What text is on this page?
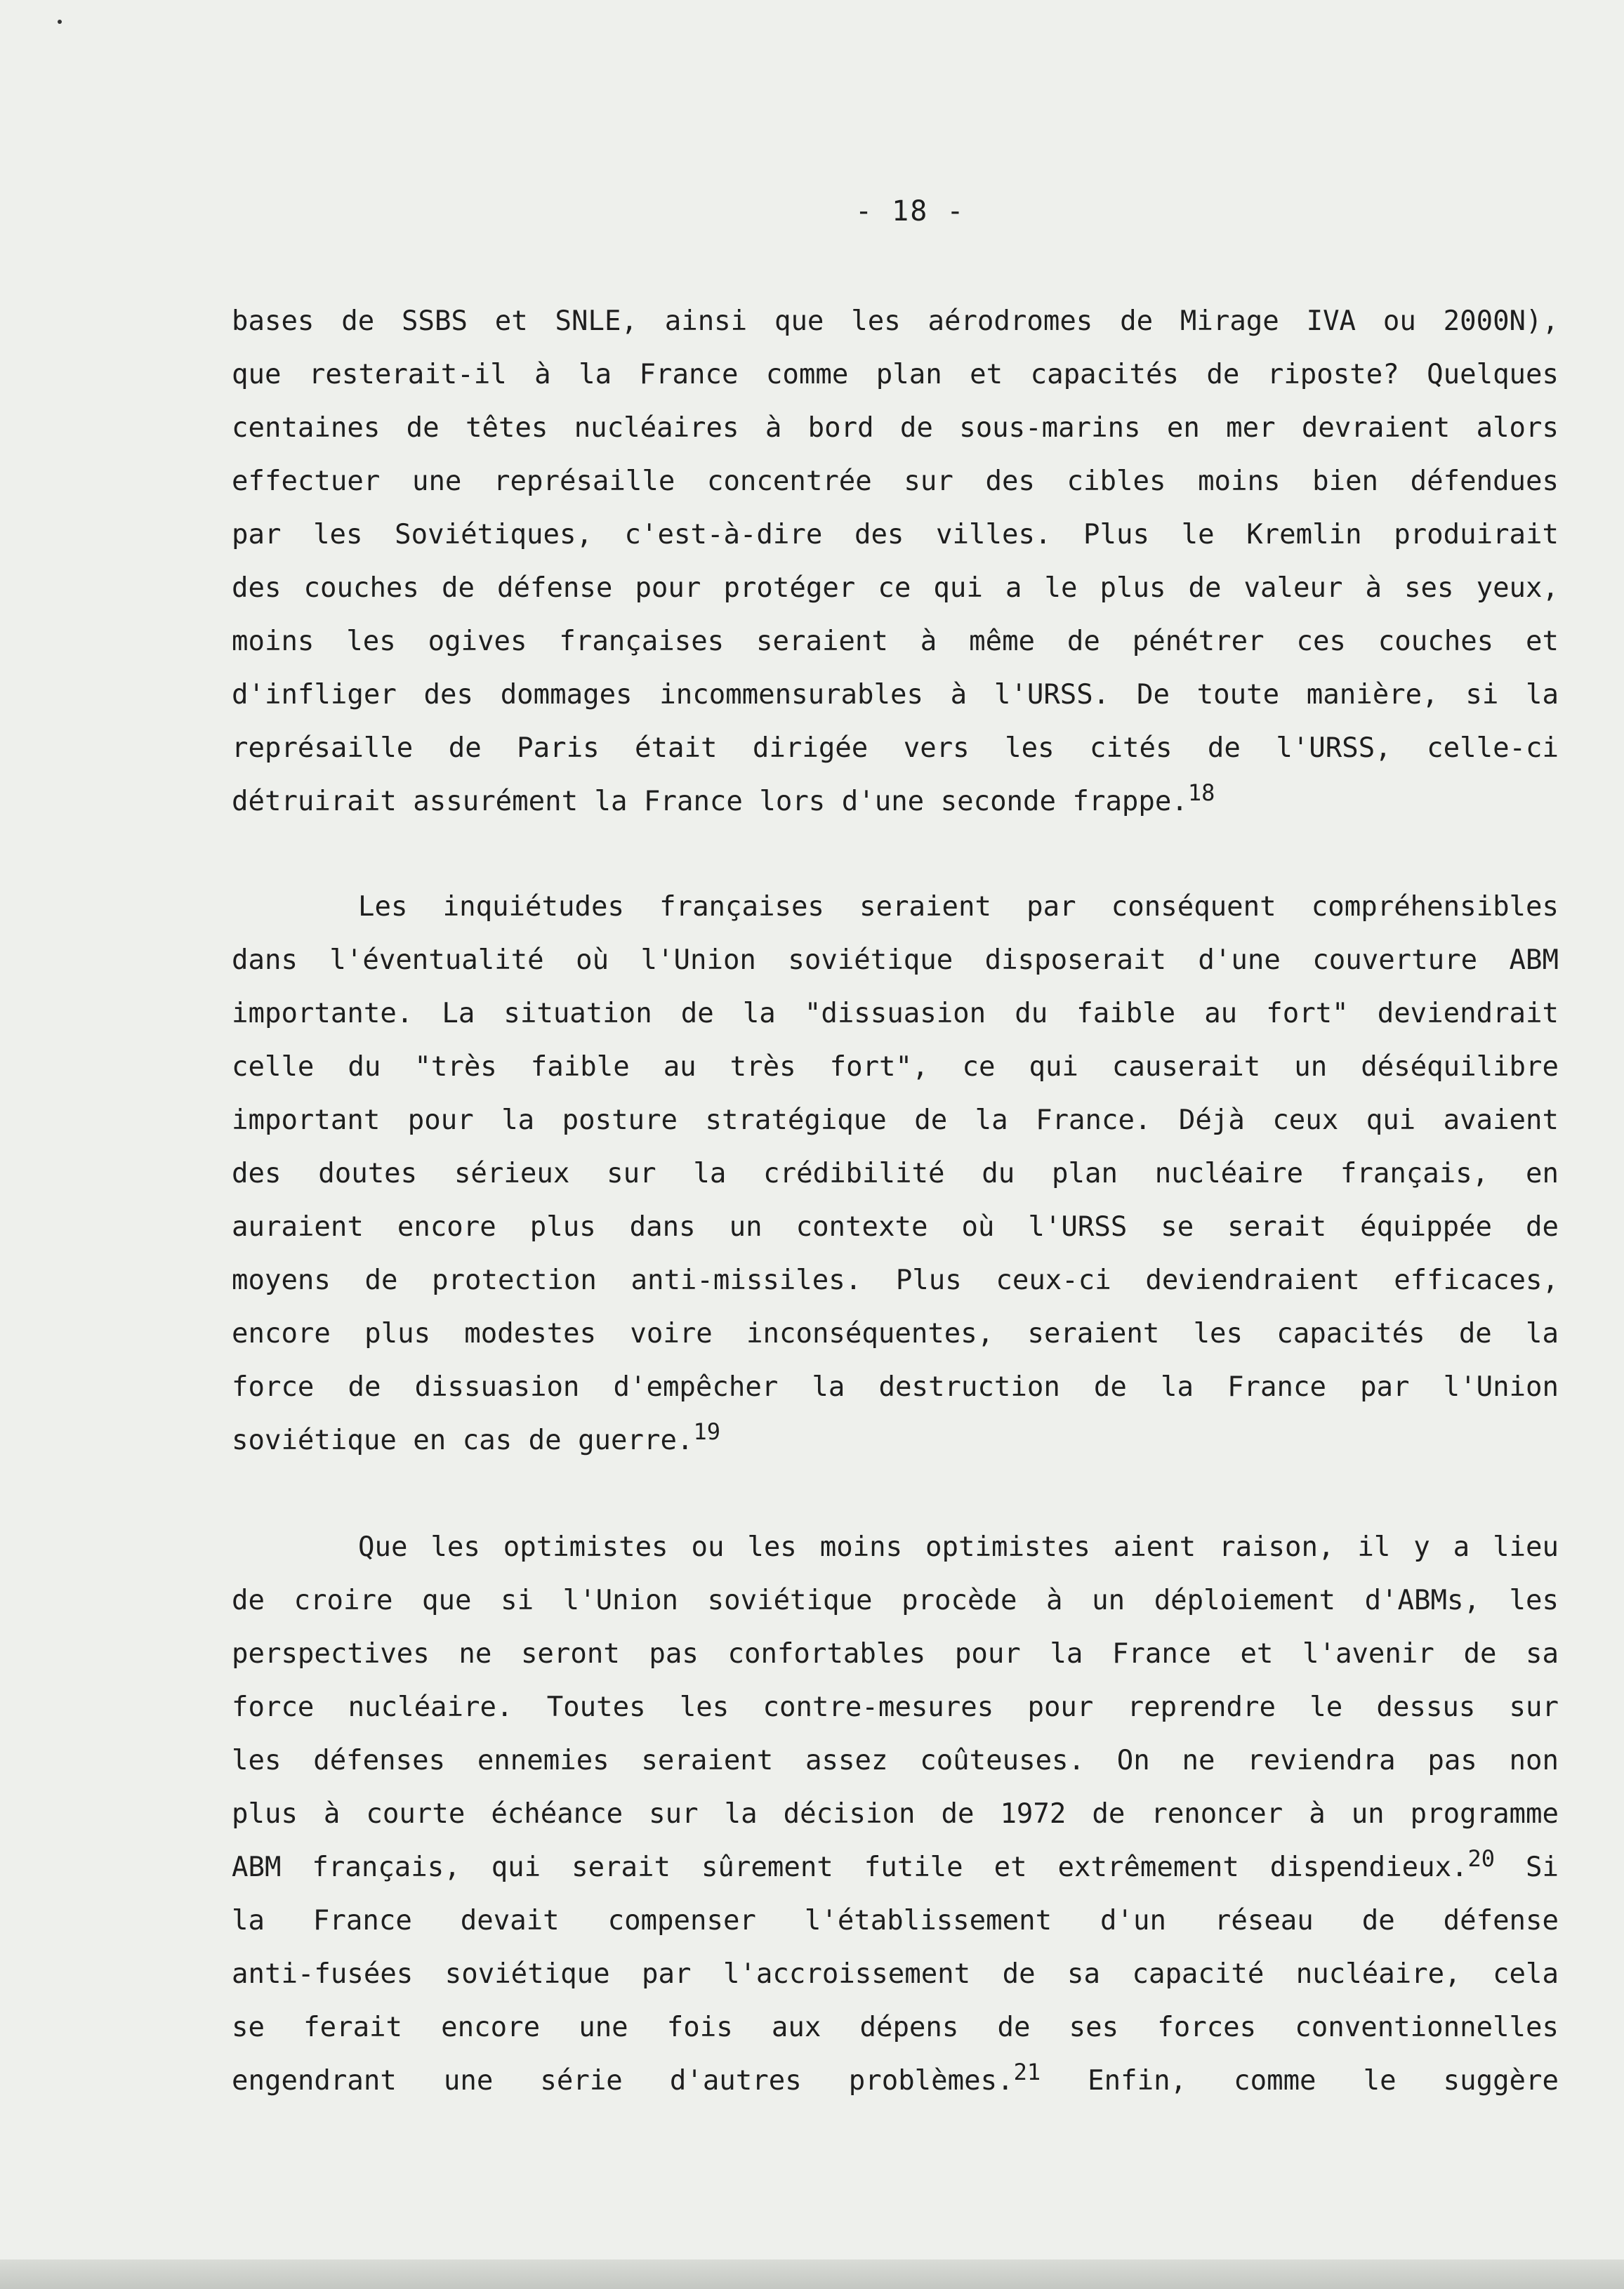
- 18 -
bases de SSBS et SNLE, ainsi que les aérodromes de Mirage IVA ou 2000N),
que resterait-il à la France comme plan et capacités de riposte? Quelques
centaines de têtes nucléaires à bord de sous-marins en mer devraient alors
effectuer une représaille concentrée sur des cibles moins bien défendues
par les Soviétiques, c'est-à-dire des villes. Plus le Kremlin produirait
des couches de défense pour protéger ce qui a le plus de valeur à ses yeux,
moins les ogives françaises seraient à même de pénétrer ces couches et
d'infliger des dommages incommensurables à l'URSS. De toute manière, si la
représaille de Paris était dirigée vers les cités de l'URSS, celle-ci
détruirait assurément la France lors d'une seconde frappe.$^{18}$
Les inquiétudes françaises seraient par conséquent compréhensibles
dans l'éventualité où l'Union soviétique disposerait d'une couverture ABM
importante. La situation de la "dissuasion du faible au fort" deviendrait
celle du "très faible au très fort", ce qui causerait un déséquilibre
important pour la posture stratégique de la France. Déjà ceux qui avaient
des doutes sérieux sur la crédibilité du plan nucléaire français, en
auraient encore plus dans un contexte où l'URSS se serait équippée de
moyens de protection anti-missiles. Plus ceux-ci deviendraient efficaces,
encore plus modestes voire inconséquentes, seraient les capacités de la
force de dissuasion d'empêcher la destruction de la France par l'Union
soviétique en cas de guerre.$^{19}$
Que les optimistes ou les moins optimistes aient raison, il y a lieu
de croire que si l'Union soviétique procède à un déploiement d'ABMs, les
perspectives ne seront pas confortables pour la France et l'avenir de sa
force nucléaire. Toutes les contre-mesures pour reprendre le dessus sur
les défenses ennemies seraient assez coûteuses. On ne reviendra pas non
plus à courte échéance sur la décision de 1972 de renoncer à un programme
ABM français, qui serait sûrement futile et extrêmement dispendieux.$^{20}$ Si
la France devait compenser l'établissement d'un réseau de défense
anti-fusées soviétique par l'accroissement de sa capacité nucléaire, cela
se ferait encore une fois aux dépens de ses forces conventionnelles
engendrant une série d'autres problèmes.$^{21}$ Enfin, comme le suggère
